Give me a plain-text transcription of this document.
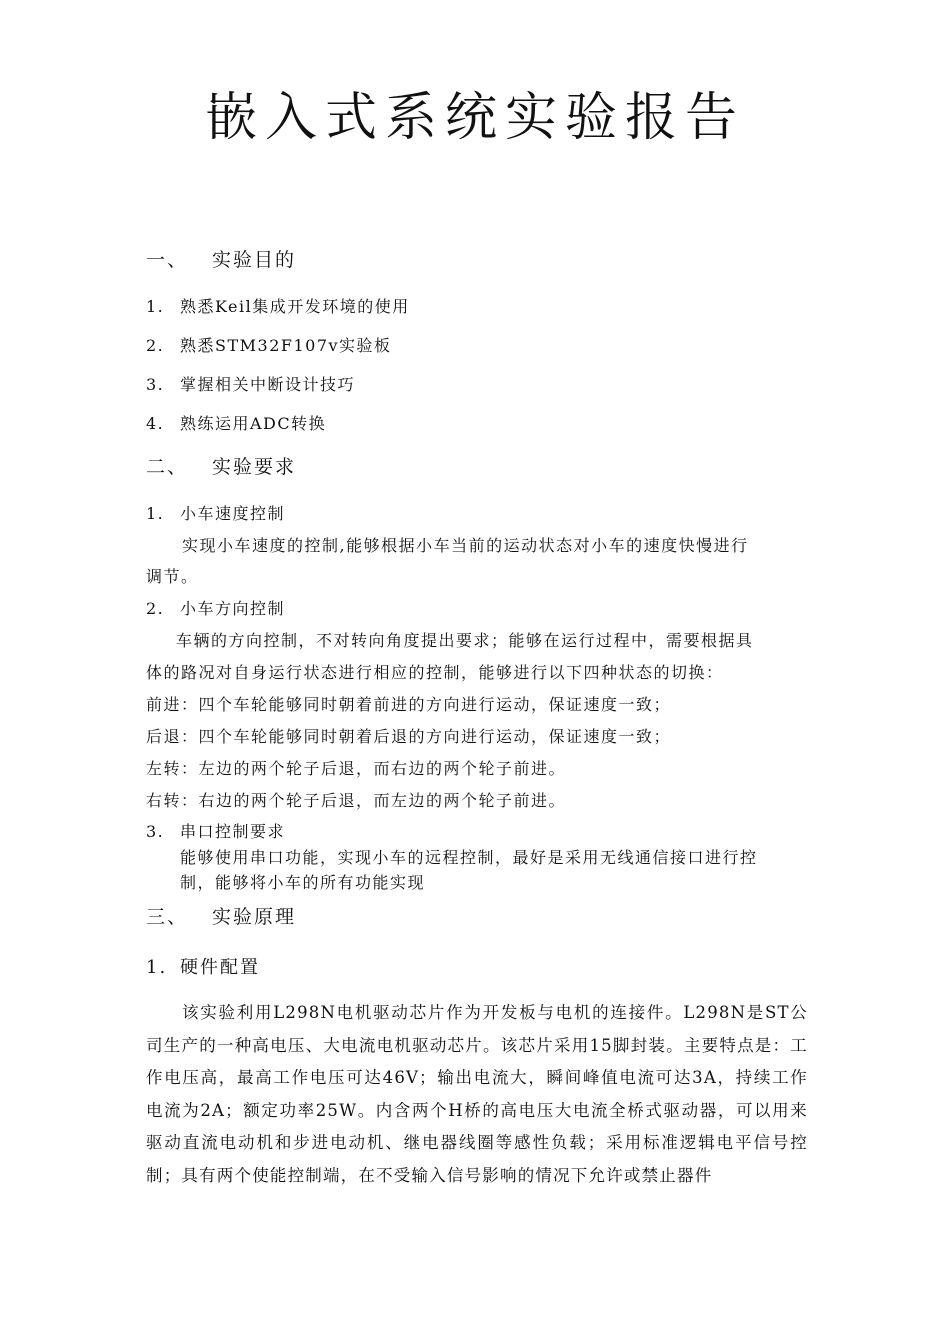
嵌入式系统实验报告
一、 实验目的
1. 熟悉Keil集成开发环境的使用
2. 熟悉STM32F107v实验板
3. 掌握相关中断设计技巧
4. 熟练运用ADC转换
二、 实验要求
1. 小车速度控制
实现小车速度的控制,能够根据小车当前的运动状态对小车的速度快慢进行
调节。
2. 小车方向控制
车辆的方向控制，不对转向角度提出要求；能够在运行过程中，需要根据具
体的路况对自身运行状态进行相应的控制，能够进行以下四种状态的切换：
前进：四个车轮能够同时朝着前进的方向进行运动，保证速度一致；
后退：四个车轮能够同时朝着后退的方向进行运动，保证速度一致；
左转：左边的两个轮子后退，而右边的两个轮子前进。
右转：右边的两个轮子后退，而左边的两个轮子前进。
3. 串口控制要求
能够使用串口功能，实现小车的远程控制，最好是采用无线通信接口进行控
制，能够将小车的所有功能实现
三、 实验原理
1. 硬件配置

该实验利用L298N电机驱动芯片作为开发板与电机的连接件。L298N是ST公司生产的一种高电压、大电流电机驱动芯片。该芯片采用15脚封装。主要特点是：工作电压高，最高工作电压可达46V；输出电流大，瞬间峰值电流可达3A，持续工作电流为2A；额定功率25W。内含两个H桥的高电压大电流全桥式驱动器，可以用来驱动直流电动机和步进电动机、继电器线圈等感性负载；采用标准逻辑电平信号控制；具有两个使能控制端，在不受输入信号影响的情况下允许或禁止器件
